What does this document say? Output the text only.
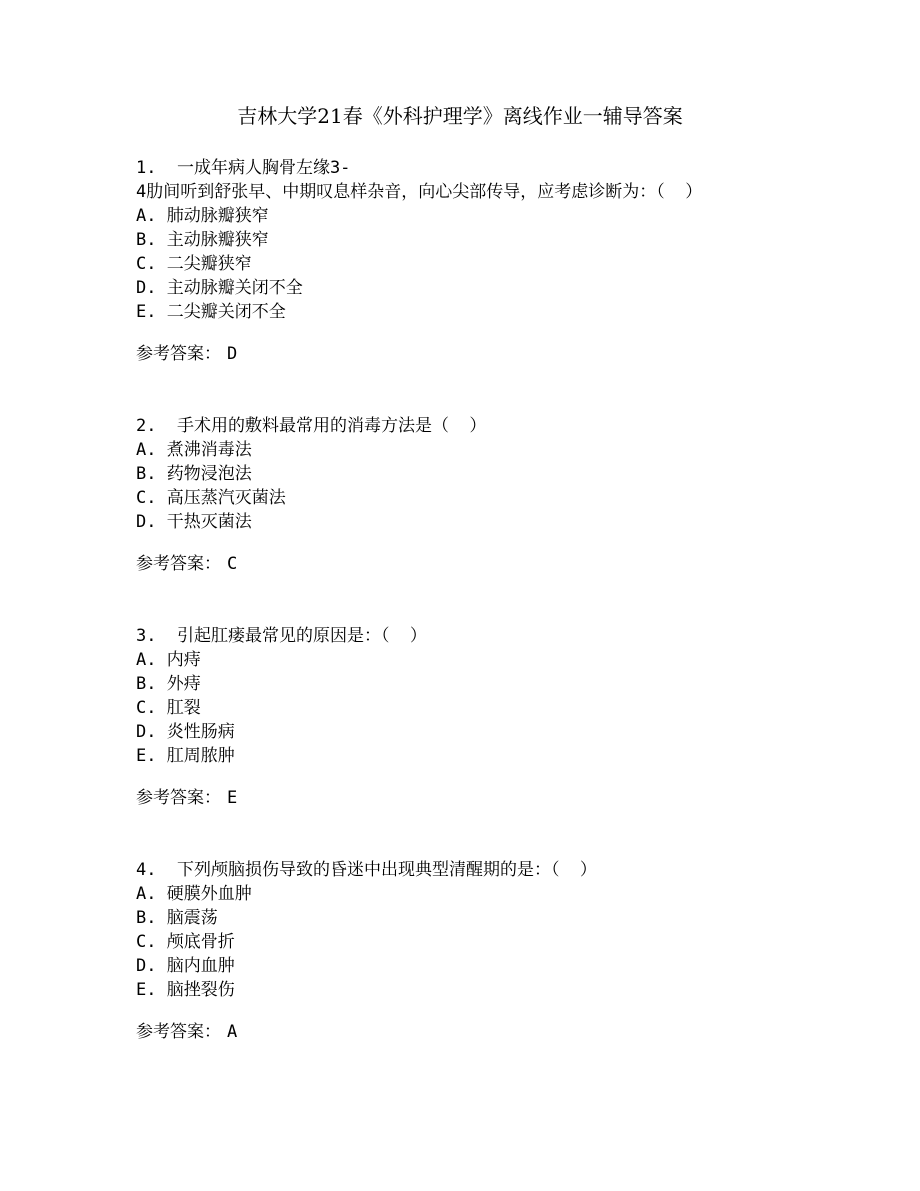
吉林大学21春《外科护理学》离线作业一辅导答案
1.  一成年病人胸骨左缘3-
4肋间听到舒张早、中期叹息样杂音，向心尖部传导，应考虑诊断为：（  ）
A. 肺动脉瓣狭窄
B. 主动脉瓣狭窄
C. 二尖瓣狭窄
D. 主动脉瓣关闭不全
E. 二尖瓣关闭不全
参考答案： D
2.  手术用的敷料最常用的消毒方法是（  ）
A. 煮沸消毒法
B. 药物浸泡法
C. 高压蒸汽灭菌法
D. 干热灭菌法
参考答案： C
3.  引起肛瘘最常见的原因是：（  ）
A. 内痔
B. 外痔
C. 肛裂
D. 炎性肠病
E. 肛周脓肿
参考答案： E
4.  下列颅脑损伤导致的昏迷中出现典型清醒期的是：（  ）
A. 硬膜外血肿
B. 脑震荡
C. 颅底骨折
D. 脑内血肿
E. 脑挫裂伤
参考答案： A
